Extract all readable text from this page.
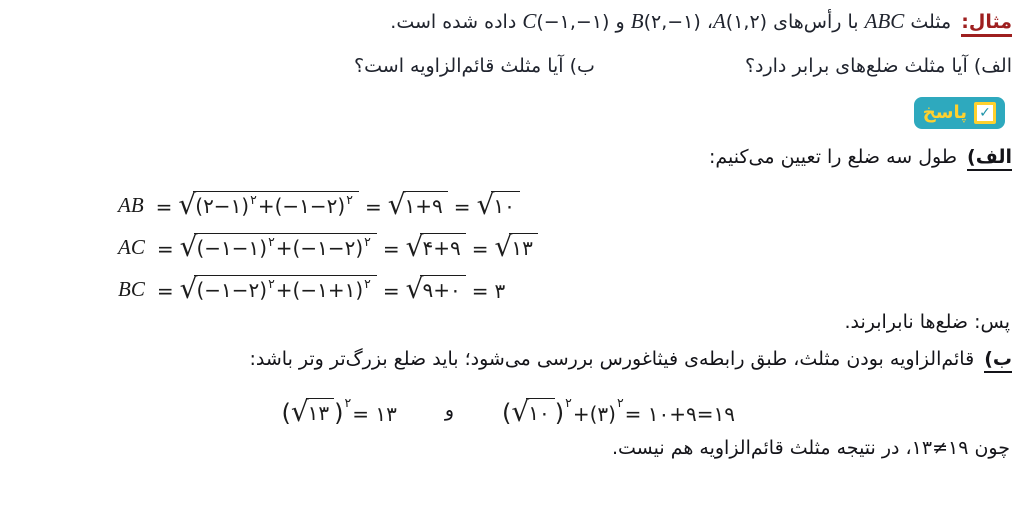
مثال: مثلث ABC با رأس‌های A(۱,۲)، B(۲,−۱) و C(−۱,−۱) داده شده است.
الف) آیا مثلث ضلع‌های برابر دارد؟
ب) آیا مثلث قائم‌الزاویه است؟
✓
پاسخ
الف) طول سه ضلع را تعیین می‌کنیم:
AB = √ (۲−۱)$^۲$ +(−۱−۲)$^۲$ = √ ۱+۹ = √ ۱۰
AC = √ (−۱−۱)$^۲$ +(−۱−۲)$^۲$ = √ ۴+۹ = √ ۱۳
BC = √ (−۱−۲)$^۲$ +(−۱+۱)$^۲$ = √ ۹+۰ = ۳
پس: ضلع‌ها نابرابرند.
ب) قائم‌الزاویه بودن مثلث، طبق رابطه‌ی فیثاغورس بررسی می‌شود؛ باید ضلع بزرگ‌تر وتر باشد:
( √ ۱۰ )$^۲$ +(۳)$^۲$ = ۱۰+۹=۱۹
و
( √ ۱۳ )$^۲$ = ۱۳
چون ۱۹≠۱۳، در نتیجه مثلث قائم‌الزاویه هم نیست.
